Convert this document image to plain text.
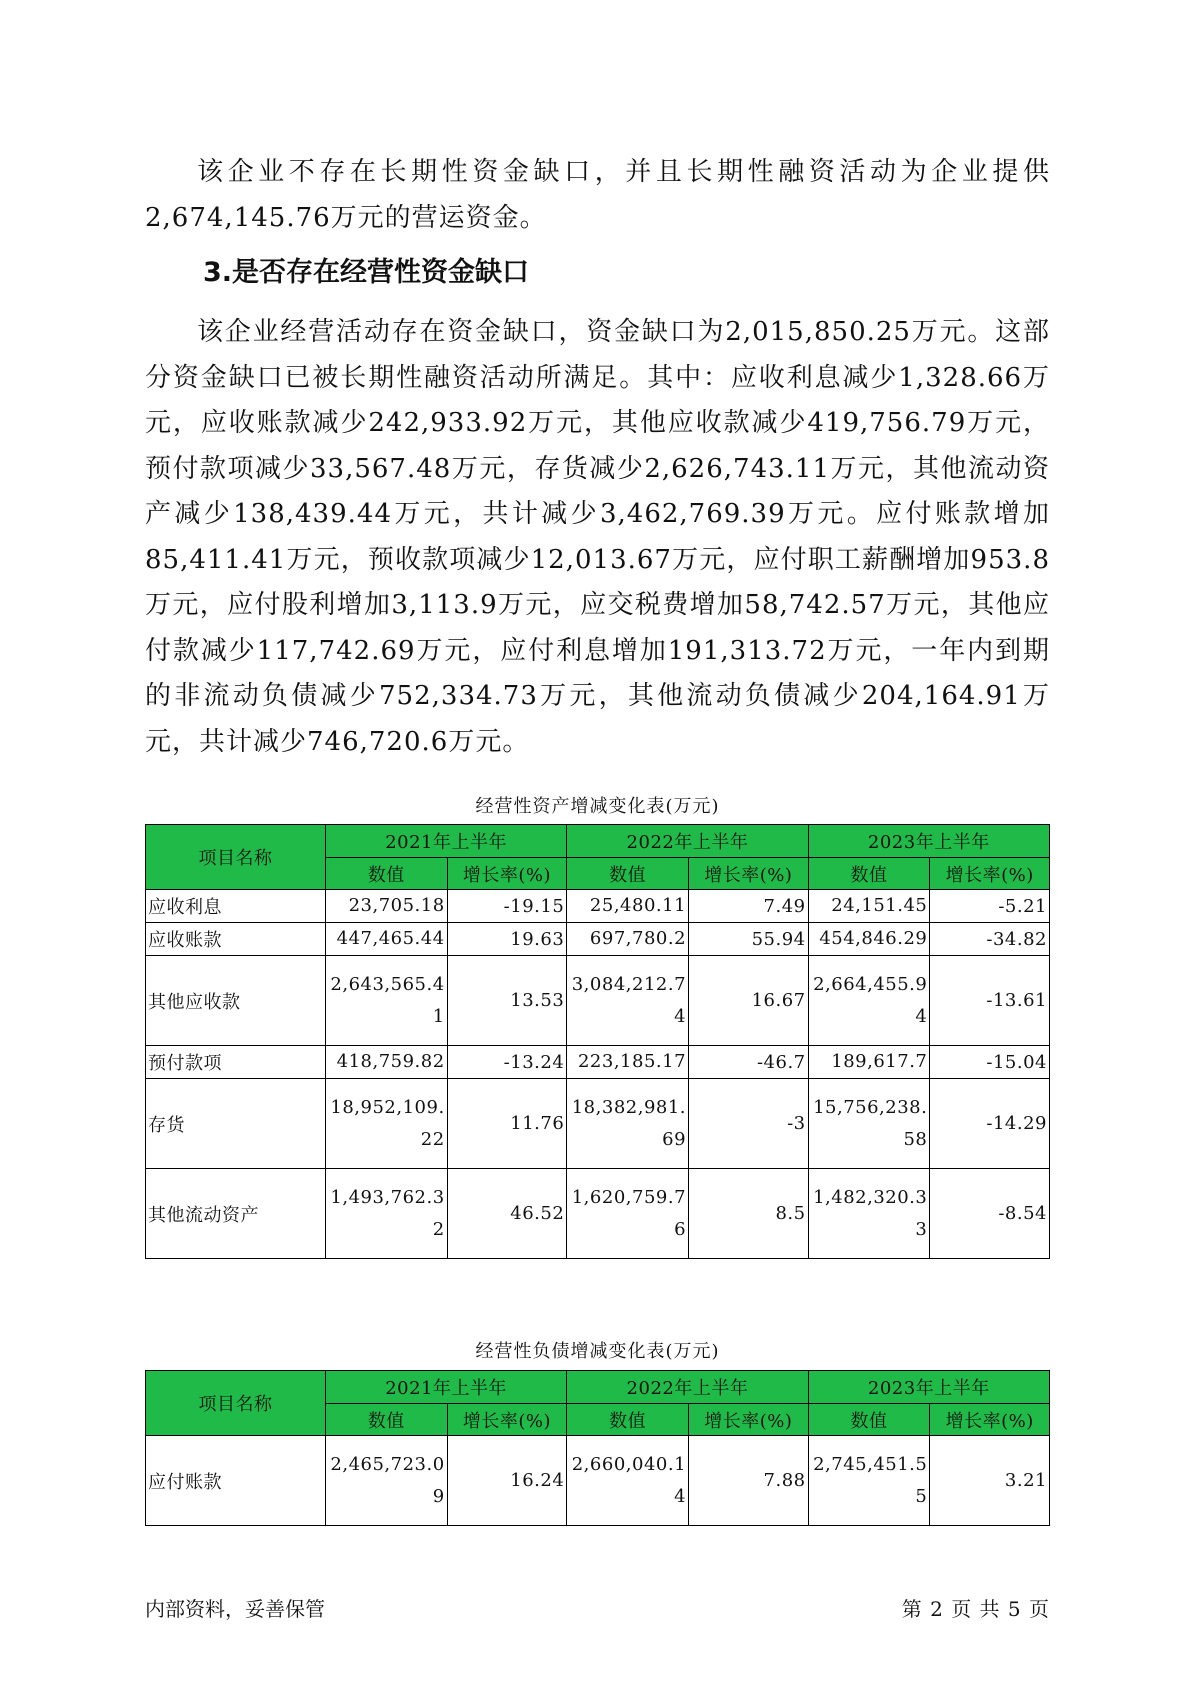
该企业不存在长期性资金缺口，并且长期性融资活动为企业提供2,674,145.76万元的营运资金。

3.是否存在经营性资金缺口

该企业经营活动存在资金缺口，资金缺口为2,015,850.25万元。这部分资金缺口已被长期性融资活动所满足。其中：应收利息减少1,328.66万元，应收账款减少242,933.92万元，其他应收款减少419,756.79万元，预付款项减少33,567.48万元，存货减少2,626,743.11万元，其他流动资产减少138,439.44万元，共计减少3,462,769.39万元。应付账款增加85,411.41万元，预收款项减少12,013.67万元，应付职工薪酬增加953.8万元，应付股利增加3,113.9万元，应交税费增加58,742.57万元，其他应付款减少117,742.69万元，应付利息增加191,313.72万元，一年内到期的非流动负债减少752,334.73万元，其他流动负债减少204,164.91万元，共计减少746,720.6万元。

经营性资产增减变化表(万元)

项目名称	2021年上半年		2022年上半年		2023年上半年	
	数值	增长率(%)	数值	增长率(%)	数值	增长率(%)
应收利息	23,705.18	-19.15	25,480.11	7.49	24,151.45	-5.21
应收账款	447,465.44	19.63	697,780.2	55.94	454,846.29	-34.82
其他应收款	2,643,565.41	13.53	3,084,212.74	16.67	2,664,455.94	-13.61
预付款项	418,759.82	-13.24	223,185.17	-46.7	189,617.7	-15.04
存货	18,952,109.22	11.76	18,382,981.69	-3	15,756,238.58	-14.29
其他流动资产	1,493,762.32	46.52	1,620,759.76	8.5	1,482,320.33	-8.54

经营性负债增减变化表(万元)

项目名称	2021年上半年		2022年上半年		2023年上半年	
	数值	增长率(%)	数值	增长率(%)	数值	增长率(%)
应付账款	2,465,723.09	16.24	2,660,040.14	7.88	2,745,451.55	3.21

内部资料，妥善保管	第 2 页 共 5 页
